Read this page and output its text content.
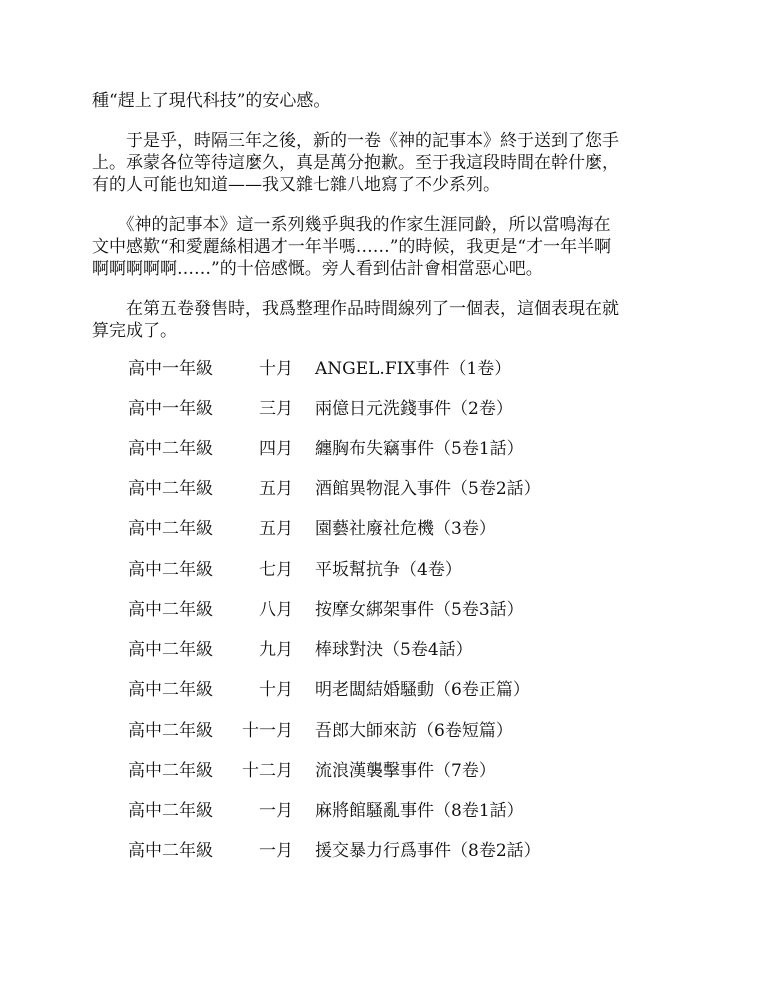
種“趕上了現代科技”的安心感。
　　于是乎，時隔三年之後，新的一卷《神的記事本》終于送到了您手
上。承蒙各位等待這麼久，真是萬分抱歉。至于我這段時間在幹什麼，
有的人可能也知道——我又雜七雜八地寫了不少系列。
　　《神的記事本》這一系列幾乎與我的作家生涯同齡，所以當鳴海在
文中感歎“和愛麗絲相遇才一年半嗎……”的時候，我更是“才一年半啊
啊啊啊啊啊……”的十倍感慨。旁人看到估計會相當惡心吧。
　　在第五卷發售時，我爲整理作品時間線列了一個表，這個表現在就
算完成了。
高中一年級	十月 ANGEL.FIX事件（1卷）
高中一年級	三月 兩億日元洗錢事件（2卷）
高中二年級	四月 纏胸布失竊事件（5卷1話）
高中二年級	五月 酒館異物混入事件（5卷2話）
高中二年級	五月 園藝社廢社危機（3卷）
高中二年級	七月 平坂幫抗争（4卷）
高中二年級	八月 按摩女綁架事件（5卷3話）
高中二年級	九月 棒球對決（5卷4話）
高中二年級	十月 明老闆結婚騷動（6卷正篇）
高中二年級 十一月 吾郎大師來訪（6卷短篇）
高中二年級 十二月 流浪漢襲擊事件（7卷）
高中二年級	一月 麻將館騷亂事件（8卷1話）
高中二年級	一月 援交暴力行爲事件（8卷2話）
